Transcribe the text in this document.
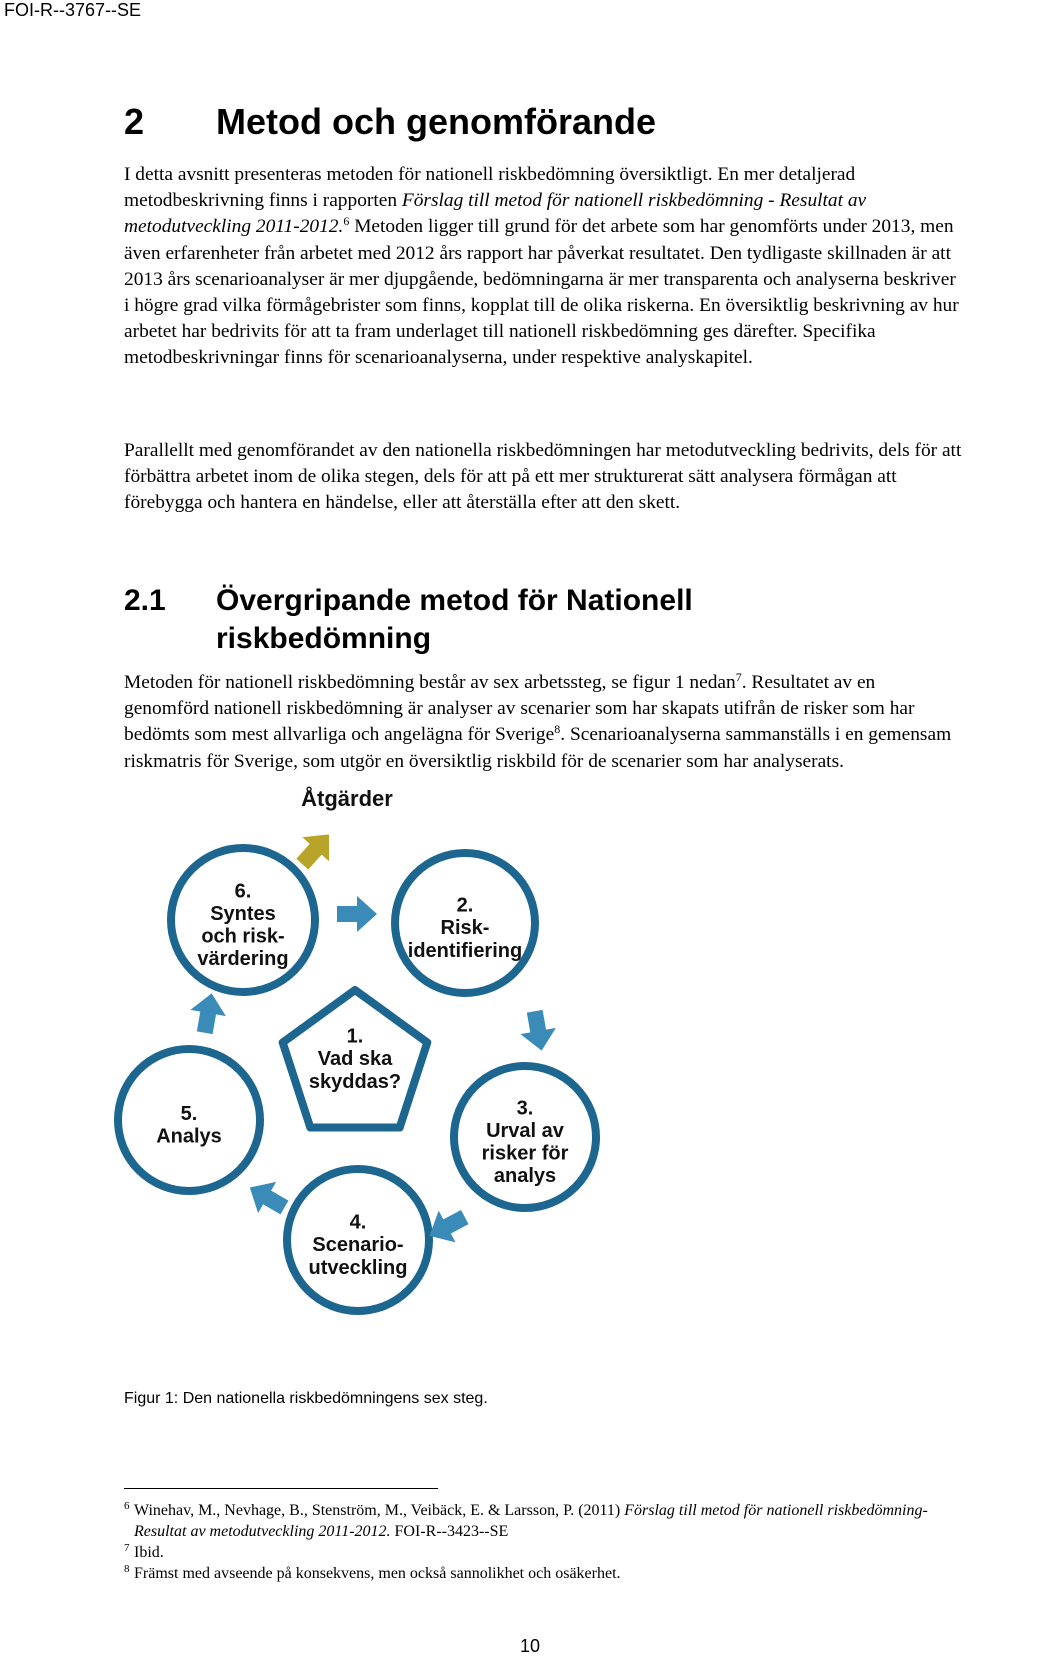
FOI-R--3767--SE
2 Metod och genomförande

I detta avsnitt presenteras metoden för nationell riskbedömning översiktligt. En mer detaljerad metodbeskrivning finns i rapporten Förslag till metod för nationell riskbedömning - Resultat av metodutveckling 2011-2012.$^6$ Metoden ligger till grund för det arbete som har genomförts under 2013, men även erfarenheter från arbetet med 2012 års rapport har påverkat resultatet. Den tydligaste skillnaden är att 2013 års scenarioanalyser är mer djupgående, bedömningarna är mer transparenta och analyserna beskriver i högre grad vilka förmågebrister som finns, kopplat till de olika riskerna. En översiktlig beskrivning av hur arbetet har bedrivits för att ta fram underlaget till nationell riskbedömning ges därefter. Specifika metodbeskrivningar finns för scenarioanalyserna, under respektive analyskapitel.

Parallellt med genomförandet av den nationella riskbedömningen har metodutveckling bedrivits, dels för att förbättra arbetet inom de olika stegen, dels för att på ett mer strukturerat sätt analysera förmågan att förebygga och hantera en händelse, eller att återställa efter att den skett.

2.1 Övergripande metod för Nationell riskbedömning

Metoden för nationell riskbedömning består av sex arbetssteg, se figur 1 nedan$^7$. Resultatet av en genomförd nationell riskbedömning är analyser av scenarier som har skapats utifrån de risker som har bedömts som mest allvarliga och angelägna för Sverige$^8$. Scenarioanalyserna sammanställs i en gemensam riskmatris för Sverige, som utgör en översiktlig riskbild för de scenarier som har analyserats.

Åtgärder
1.
Vad ska
skyddas?
2.
Risk-
identifiering
3.
Urval av
risker för
analys
4.
Scenario-
utveckling
5.
Analys
6.
Syntes
och risk-
värdering
Figur 1: Den nationella riskbedömningens sex steg.
6 Winehav, M., Nevhage, B., Stenström, M., Veibäck, E. & Larsson, P. (2011) Förslag till metod för nationell riskbedömning- Resultat av metodutveckling 2011-2012. FOI-R--3423--SE
7 Ibid.
8 Främst med avseende på konsekvens, men också sannolikhet och osäkerhet.
10
